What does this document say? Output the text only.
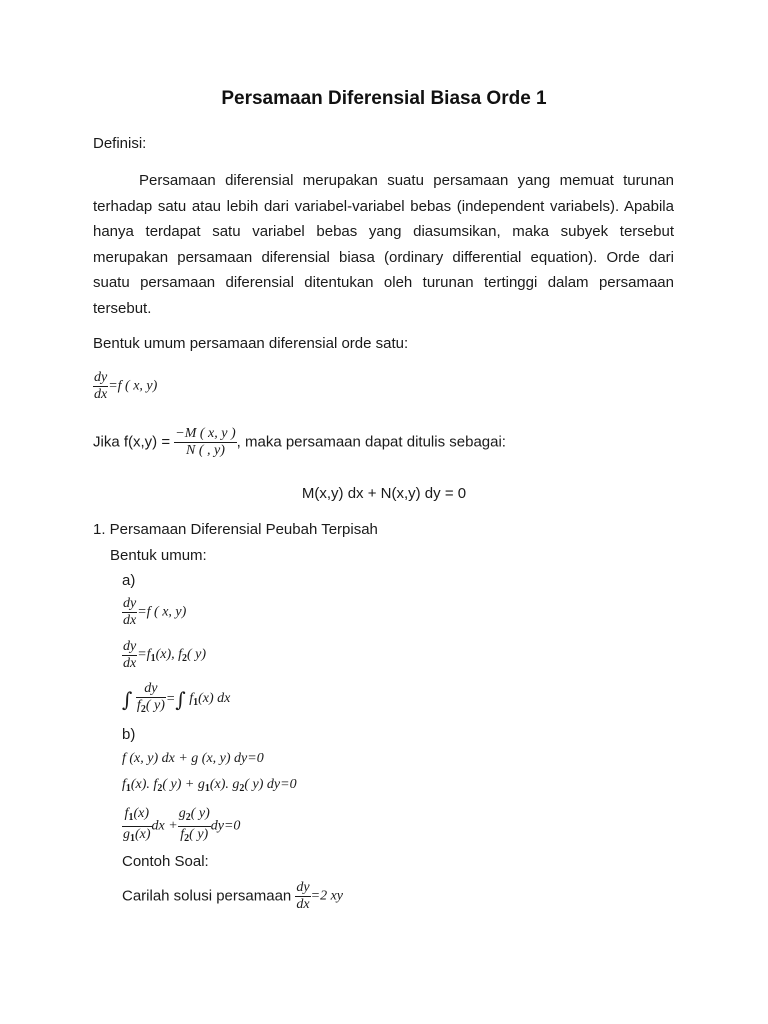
Persamaan Diferensial Biasa Orde 1
Definisi:
Persamaan diferensial merupakan suatu persamaan yang memuat turunan terhadap satu atau lebih dari variabel-variabel bebas (independent variabels). Apabila hanya terdapat satu variabel bebas yang diasumsikan, maka subyek tersebut merupakan persamaan diferensial biasa (ordinary differential equation). Orde dari suatu persamaan diferensial ditentukan oleh turunan tertinggi dalam persamaan tersebut.
Bentuk umum persamaan diferensial orde satu:
$\frac{dy}{dx} =f$ ( x, y)
Jika $f(x,y) = \frac{-M ( x, y )}{N ( , y)}$ , maka persamaan dapat ditulis sebagai:
M(x,y) dx + N(x,y) dy = 0
1. Persamaan Diferensial Peubah Terpisah
Bentuk umum:
a)
$\frac{dy}{dx} =f$ ( x, y)
$\frac{dy}{dx} =f_1(x)$, $f_2$( y)
∫ $\frac{dy}{f_2( y)}$ =∫ $f_1(x)$ dx
b)
f (x, y) dx + g (x, y) dy=0
$f_1(x)$. $f_2$( $y) + g_1(x)$. $g_2$( y) dy=0
$\frac{f_1(x)}{g_1(x)}$ dx + $\frac{g_2( y)}{f_2( y)} dy=0$
Contoh Soal:
Carilah solusi persamaan $\frac{dy}{dx} =2$ xy
